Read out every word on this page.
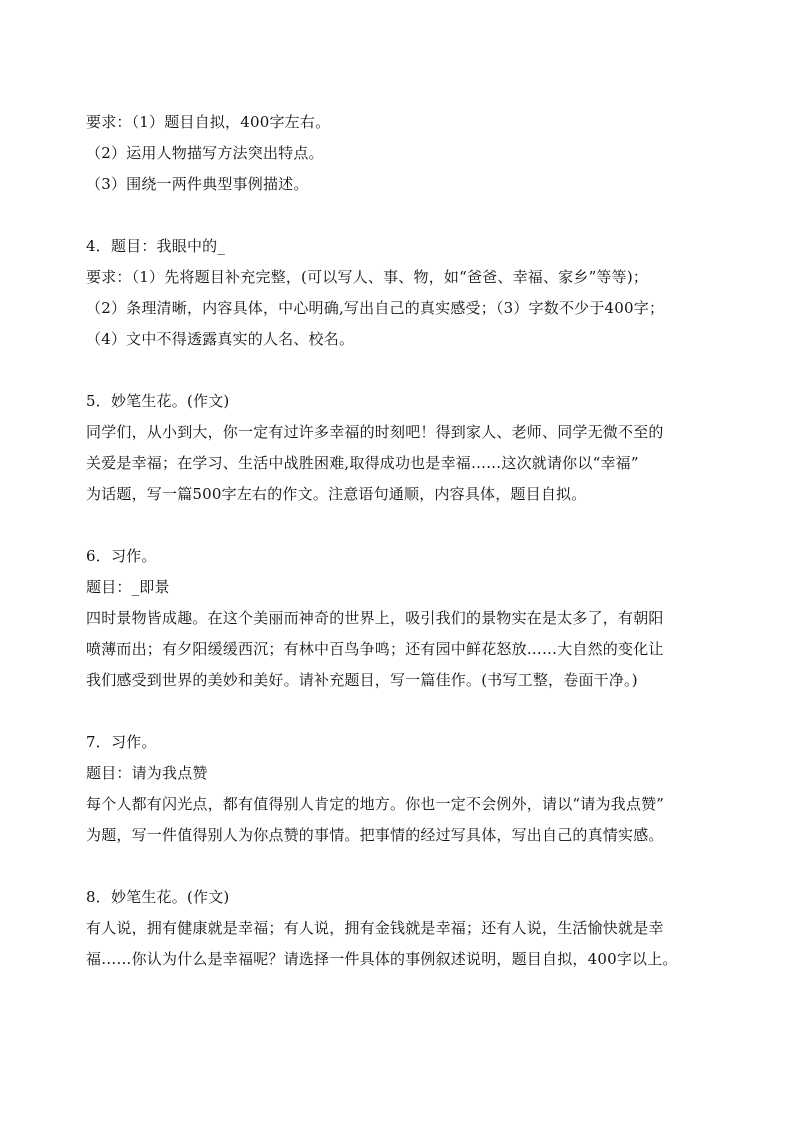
要求：（1）题目自拟，400字左右。
（2）运用人物描写方法突出特点。
（3）围绕一两件典型事例描述。
4．题目：我眼中的_
要求：（1）先将题目补充完整，(可以写人、事、物，如“爸爸、幸福、家乡”等等)；
（2）条理清晰，内容具体，中心明确,写出自己的真实感受；（3）字数不少于400字；
（4）文中不得透露真实的人名、校名。
5．妙笔生花。(作文)
同学们，从小到大，你一定有过许多幸福的时刻吧！得到家人、老师、同学无微不至的
关爱是幸福；在学习、生活中战胜困难,取得成功也是幸福……这次就请你以“幸福”
为话题，写一篇500字左右的作文。注意语句通顺，内容具体，题目自拟。
6．习作。
题目：_即景
四时景物皆成趣。在这个美丽而神奇的世界上，吸引我们的景物实在是太多了，有朝阳
喷薄而出；有夕阳缓缓西沉；有林中百鸟争鸣；还有园中鲜花怒放……大自然的变化让
我们感受到世界的美妙和美好。请补充题目，写一篇佳作。(书写工整，卷面干净。)
7．习作。
题目：请为我点赞
每个人都有闪光点，都有值得别人肯定的地方。你也一定不会例外，请以“请为我点赞”
为题，写一件值得别人为你点赞的事情。把事情的经过写具体，写出自己的真情实感。
8．妙笔生花。(作文)
有人说，拥有健康就是幸福；有人说，拥有金钱就是幸福；还有人说，生活愉快就是幸
福……你认为什么是幸福呢？请选择一件具体的事例叙述说明，题目自拟，400字以上。
